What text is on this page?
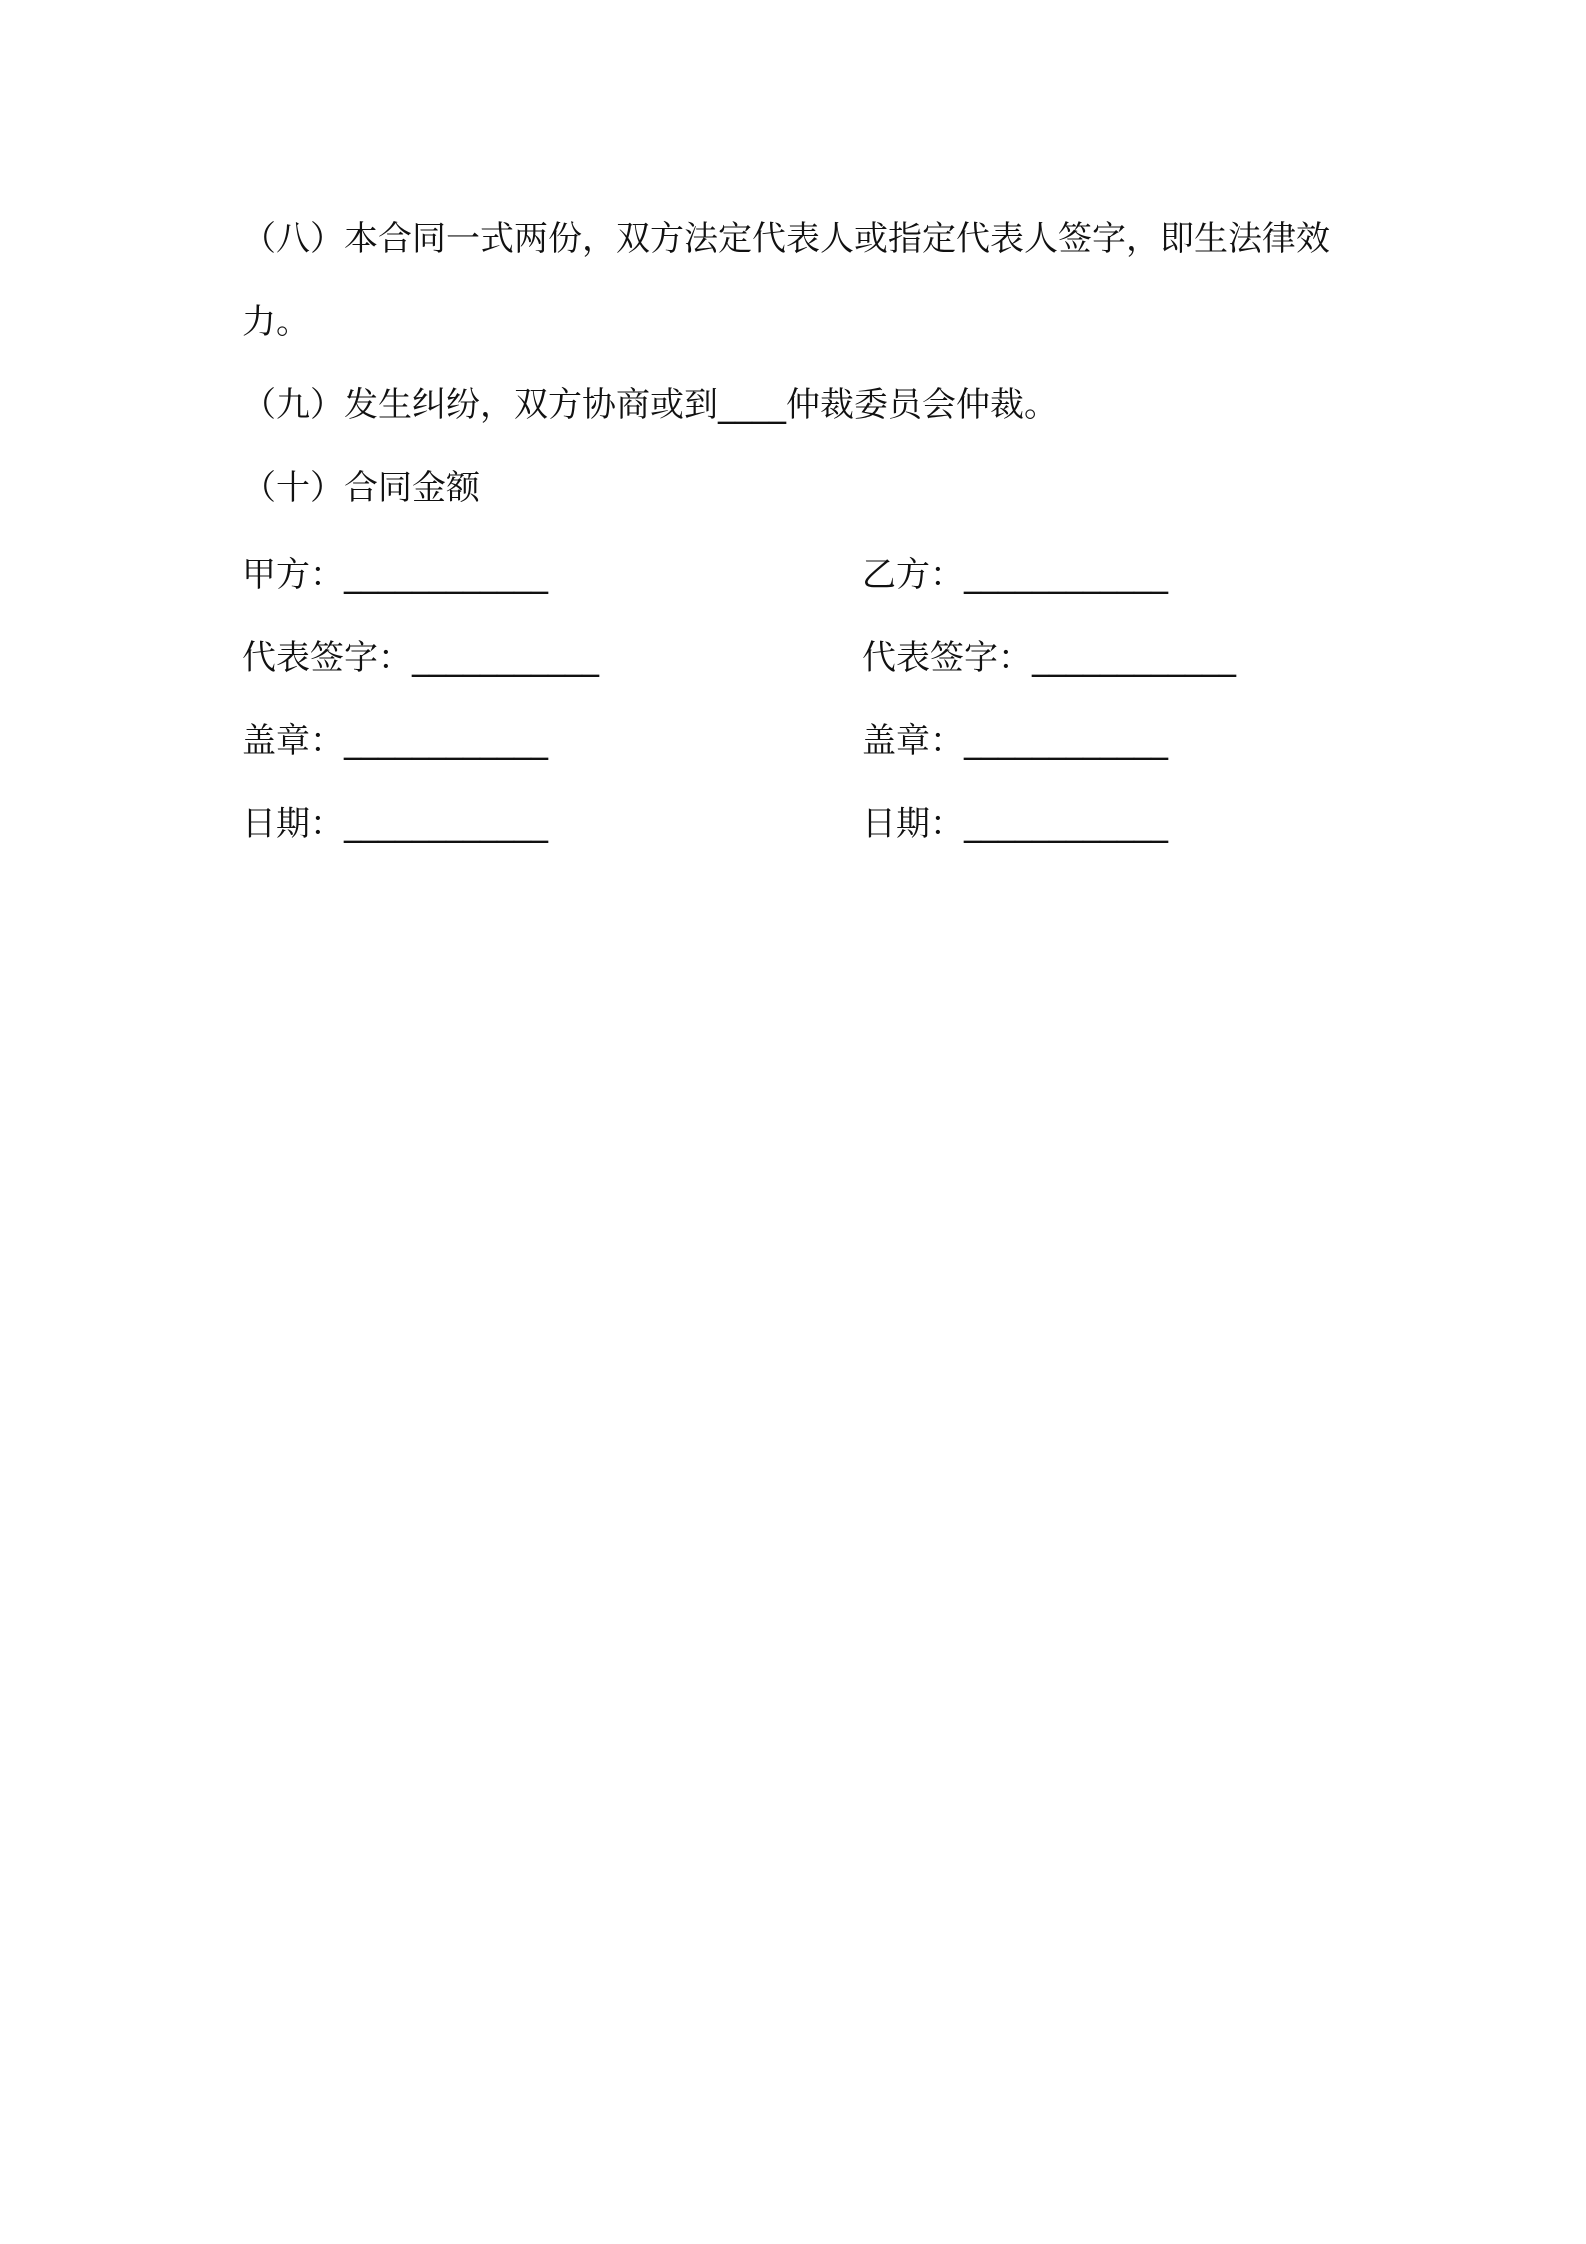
（八）本合同一式两份，双方法定代表人或指定代表人签字，即生法律效力。

（九）发生纠纷，双方协商或到____仲裁委员会仲裁。

（十）合同金额

甲方：____________	乙方：____________
代表签字：___________	代表签字：____________
盖章：____________	盖章：____________
日期：____________	日期：____________
